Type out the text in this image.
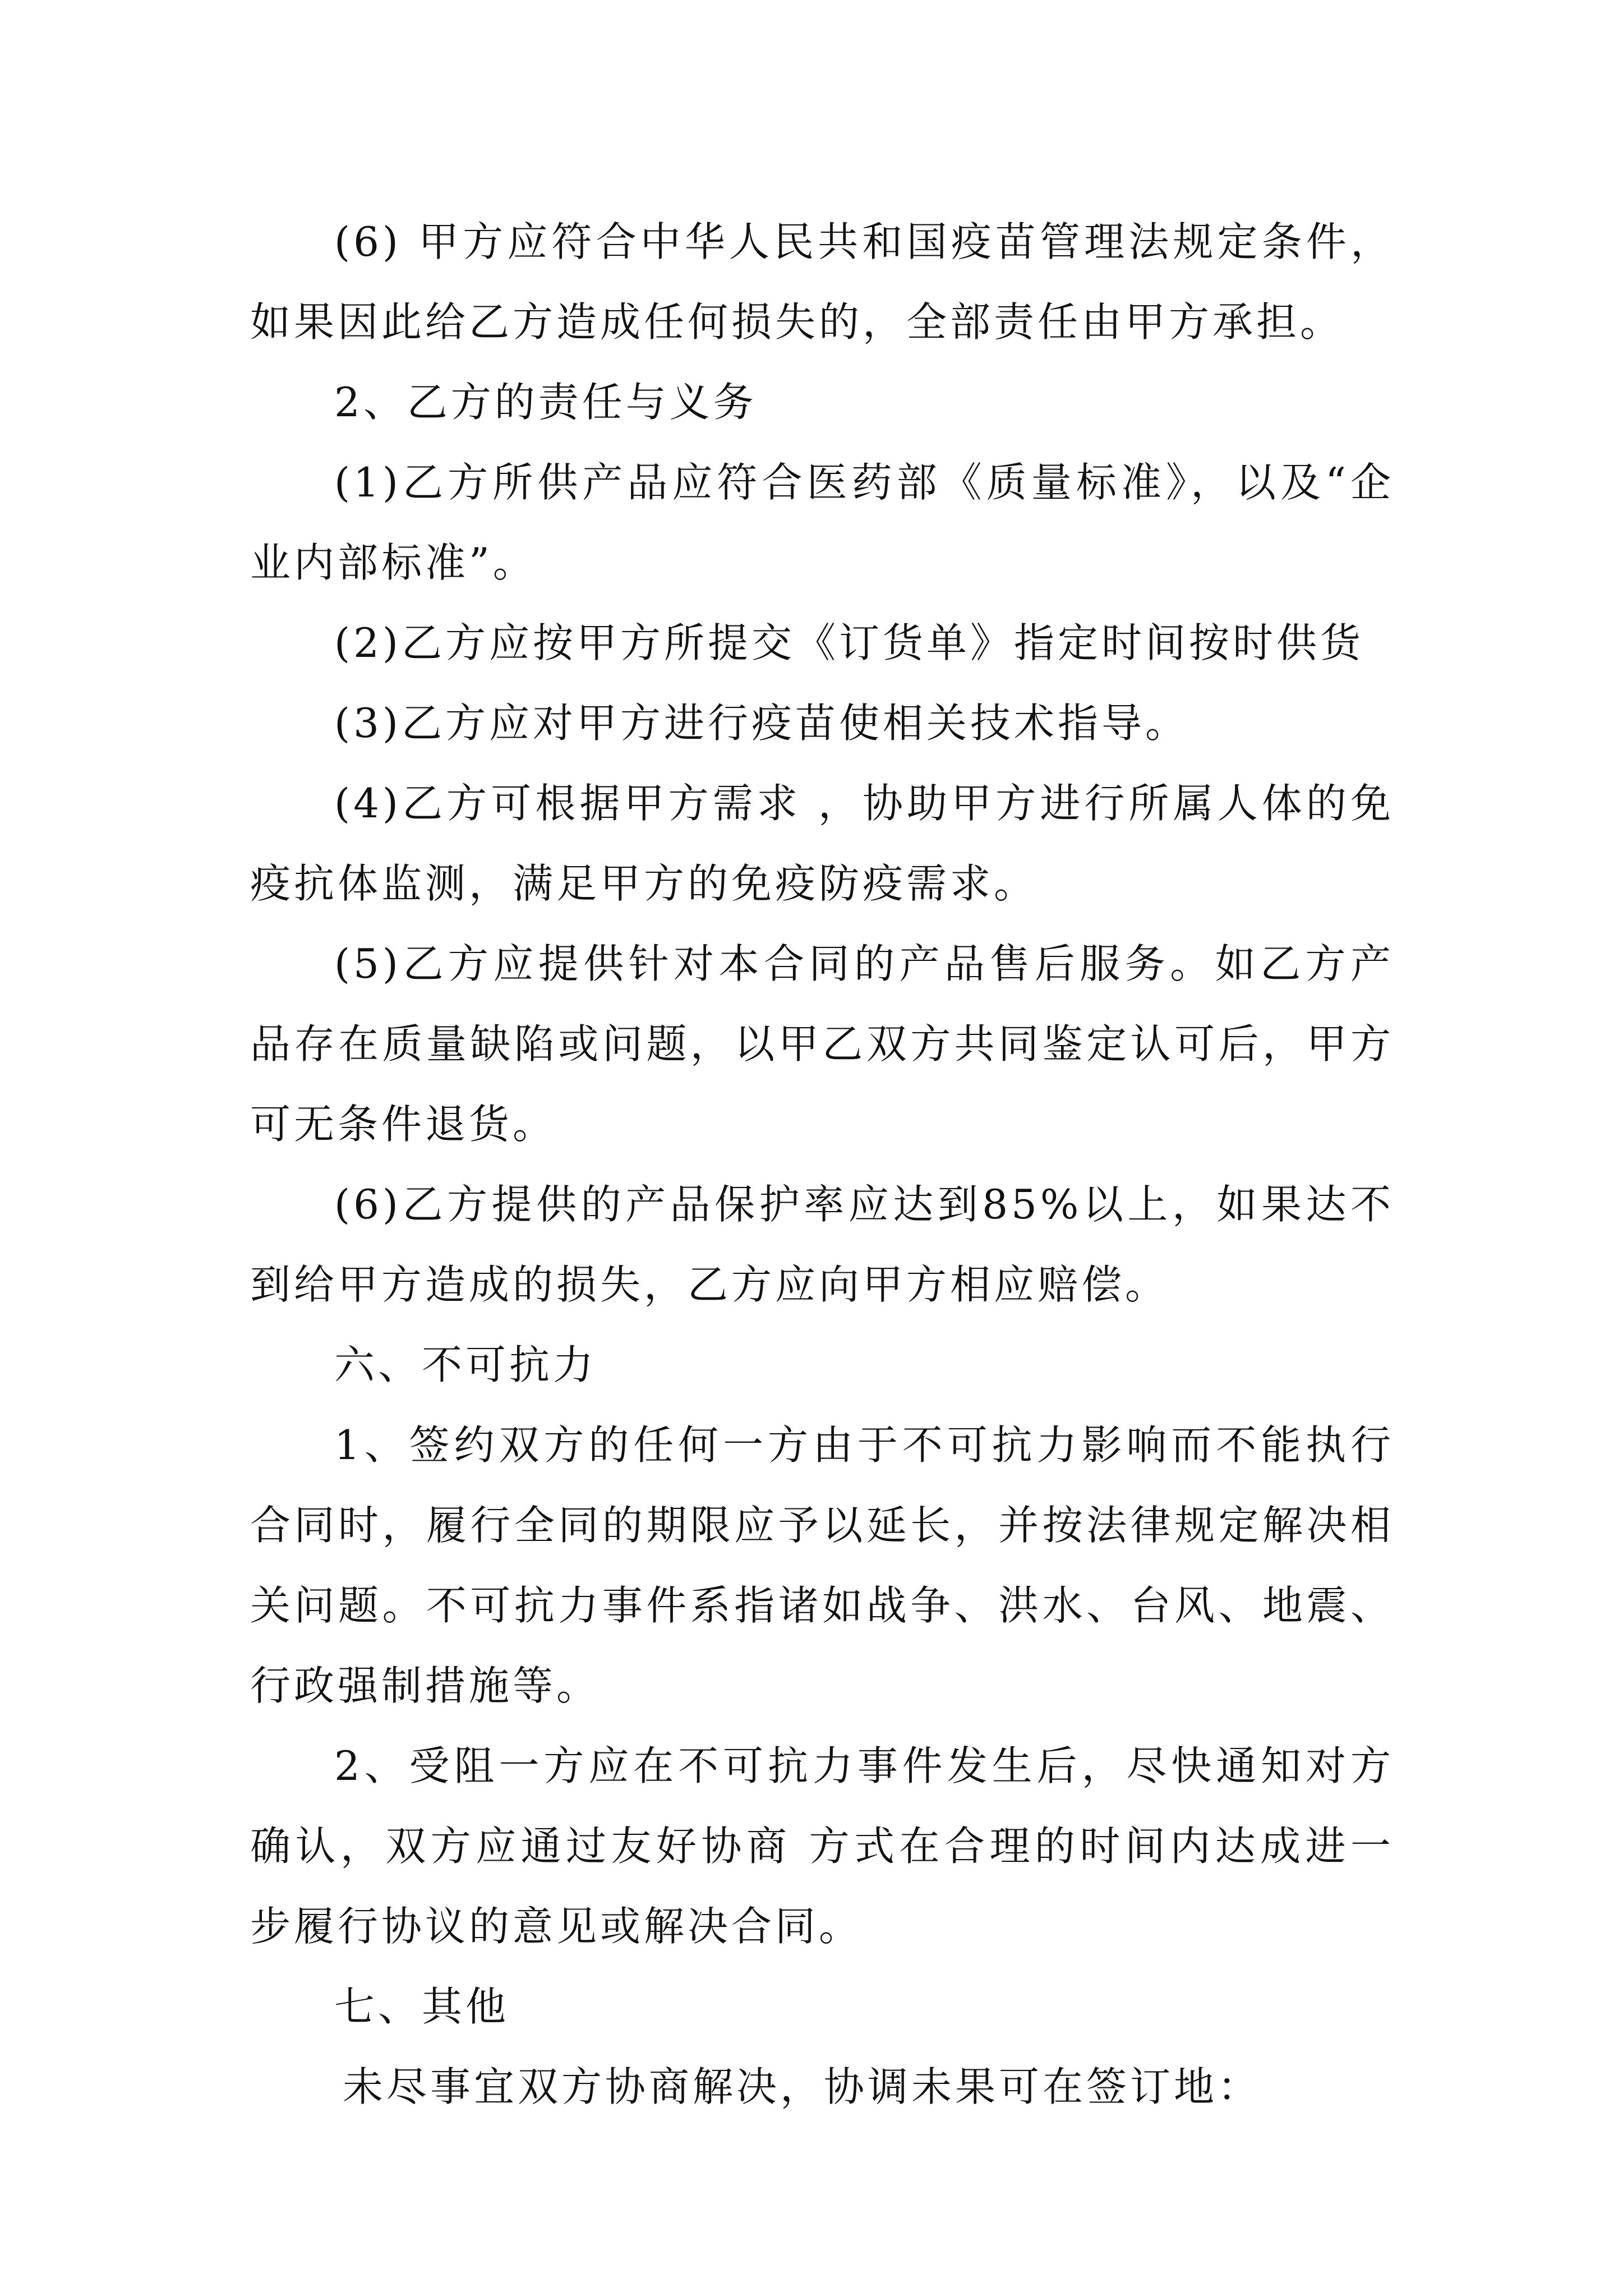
(6) 甲方应符合中华人民共和国疫苗管理法规定条件，如果因此给乙方造成任何损失的，全部责任由甲方承担。

2、乙方的责任与义务

(1)乙方所供产品应符合医药部《质量标准》，以及“企业内部标准”。

(2)乙方应按甲方所提交《订货单》指定时间按时供货

(3)乙方应对甲方进行疫苗使相关技术指导。

(4)乙方可根据甲方需求 ，协助甲方进行所属人体的免疫抗体监测，满足甲方的免疫防疫需求。

(5)乙方应提供针对本合同的产品售后服务。如乙方产品存在质量缺陷或问题，以甲乙双方共同鉴定认可后，甲方可无条件退货。

(6)乙方提供的产品保护率应达到85%以上，如果达不到给甲方造成的损失，乙方应向甲方相应赔偿。

六、不可抗力

1、签约双方的任何一方由于不可抗力影响而不能执行合同时，履行全同的期限应予以延长，并按法律规定解决相关问题。不可抗力事件系指诸如战争、洪水、台风、地震、行政强制措施等。

2、受阻一方应在不可抗力事件发生后，尽快通知对方确认，双方应通过友好协商 方式在合理的时间内达成进一步履行协议的意见或解决合同。

七、其他

未尽事宜双方协商解决，协调未果可在签订地：
